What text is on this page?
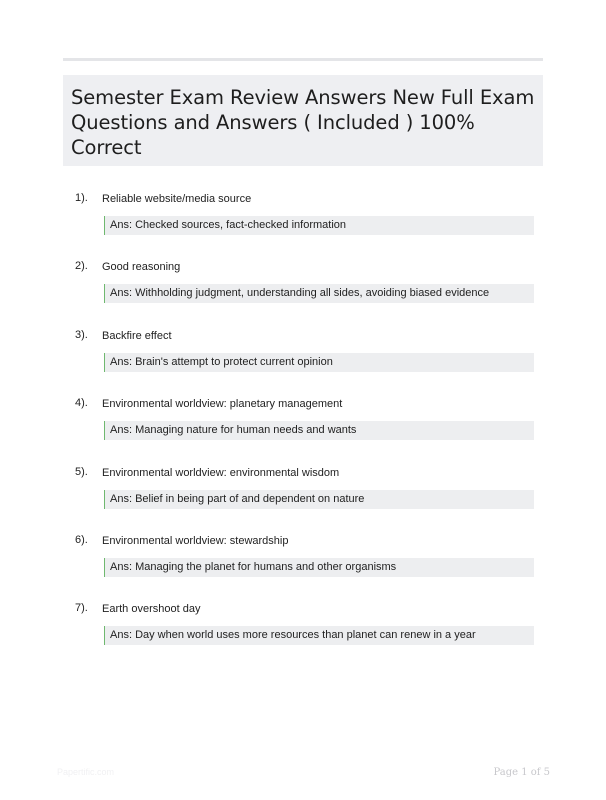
Semester Exam Review Answers New Full Exam Questions and Answers ( Included ) 100% Correct
1). Reliable website/media source
Ans: Checked sources, fact-checked information
2). Good reasoning
Ans: Withholding judgment, understanding all sides, avoiding biased evidence
3). Backfire effect
Ans: Brain's attempt to protect current opinion
4). Environmental worldview: planetary management
Ans: Managing nature for human needs and wants
5). Environmental worldview: environmental wisdom
Ans: Belief in being part of and dependent on nature
6). Environmental worldview: stewardship
Ans: Managing the planet for humans and other organisms
7). Earth overshoot day
Ans: Day when world uses more resources than planet can renew in a year
Papertific.com	Page 1 of 5
